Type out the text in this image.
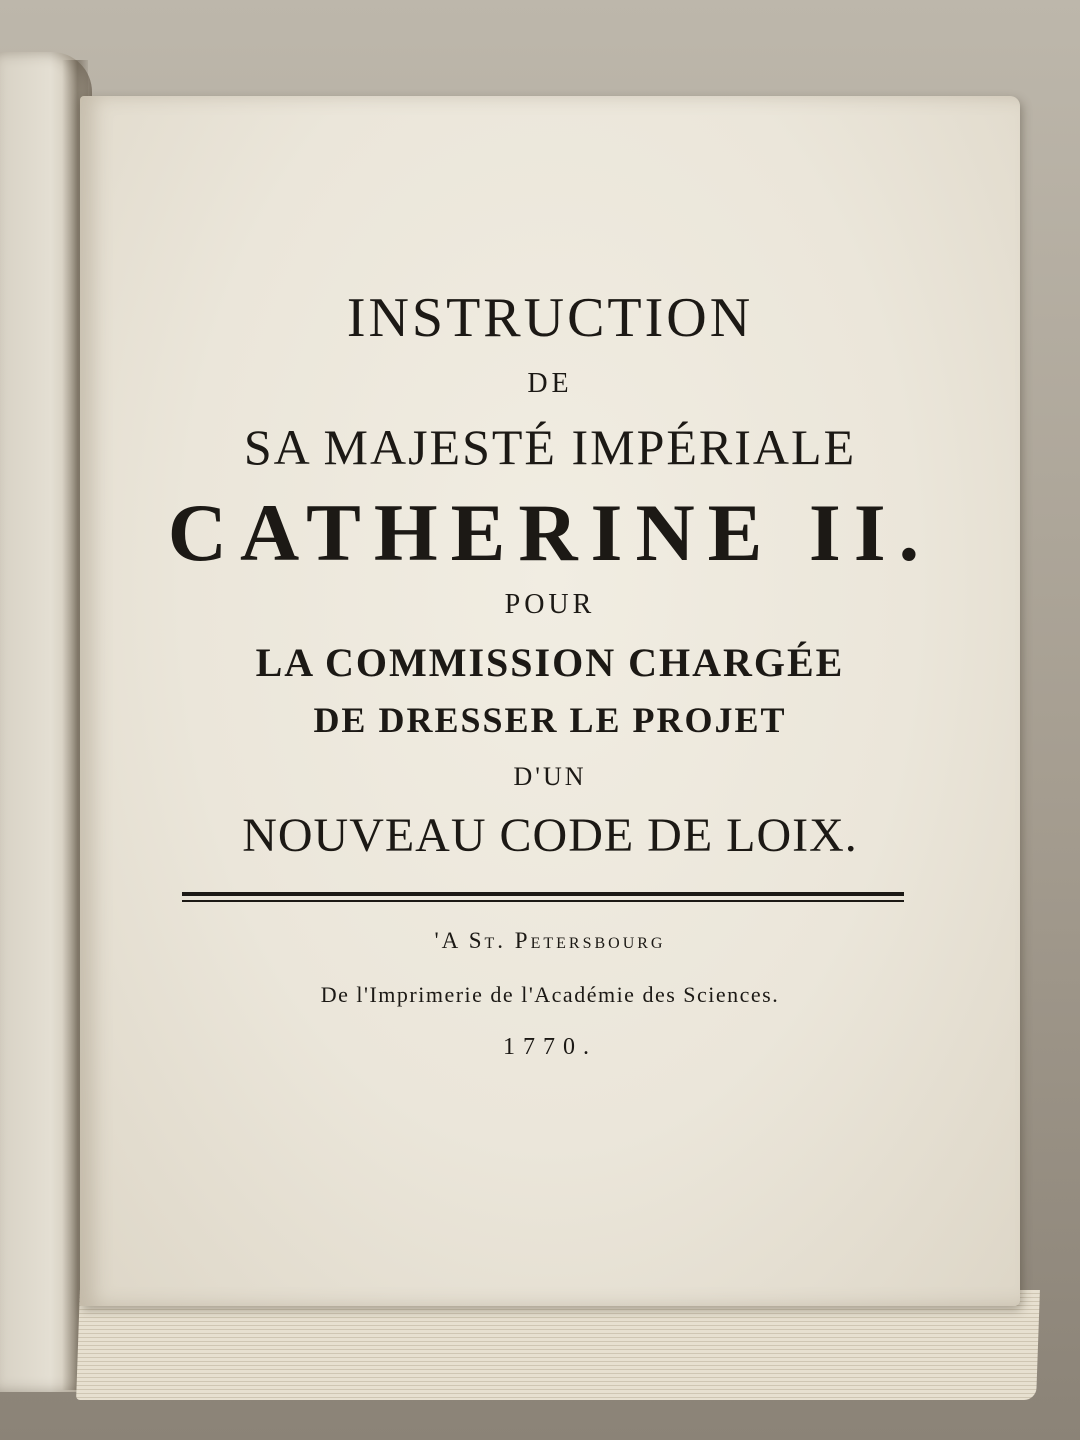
INSTRUCTION
DE
SA MAJESTÉ IMPÉRIALE
CATHERINE II.
POUR
LA COMMISSION CHARGÉE
DE DRESSER LE PROJET
D'UN
NOUVEAU CODE DE LOIX.
'A St. Petersbourg
De l'Imprimerie de l'Académie des Sciences.
1770.
